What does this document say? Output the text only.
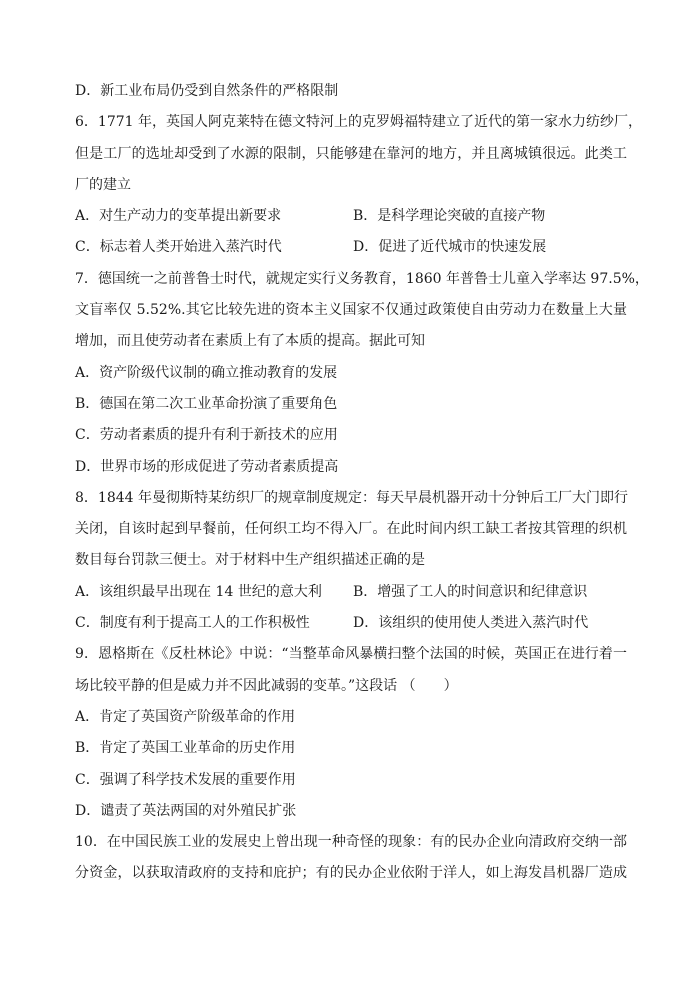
D．新工业布局仍受到自然条件的严格限制
6．1771 年，英国人阿克莱特在德文特河上的克罗姆福特建立了近代的第一家水力纺纱厂，
但是工厂的选址却受到了水源的限制，只能够建在靠河的地方，并且离城镇很远。此类工
厂的建立
A．对生产动力的变革提出新要求	B．是科学理论突破的直接产物
C．标志着人类开始进入蒸汽时代	D．促进了近代城市的快速发展
7．德国统一之前普鲁士时代，就规定实行义务教育，1860 年普鲁士儿童入学率达 97.5%，
文盲率仅 5.52%.其它比较先进的资本主义国家不仅通过政策使自由劳动力在数量上大量
增加，而且使劳动者在素质上有了本质的提高。据此可知
A．资产阶级代议制的确立推动教育的发展
B．德国在第二次工业革命扮演了重要角色
C．劳动者素质的提升有利于新技术的应用
D．世界市场的形成促进了劳动者素质提高
8．1844 年曼彻斯特某纺织厂的规章制度规定：每天早晨机器开动十分钟后工厂大门即行
关闭，自该时起到早餐前，任何织工均不得入厂。在此时间内织工缺工者按其管理的织机
数目每台罚款三便士。对于材料中生产组织描述正确的是
A．该组织最早出现在 14 世纪的意大利	B．增强了工人的时间意识和纪律意识
C．制度有利于提高工人的工作积极性	D．该组织的使用使人类进入蒸汽时代
9．恩格斯在《反杜林论》中说：“当整革命风暴横扫整个法国的时候，英国正在进行着一
场比较平静的但是威力并不因此减弱的变革。”这段话 （　　）
A．肯定了英国资产阶级革命的作用
B．肯定了英国工业革命的历史作用
C．强调了科学技术发展的重要作用
D．谴责了英法两国的对外殖民扩张
10．在中国民族工业的发展史上曾出现一种奇怪的现象：有的民办企业向清政府交纳一部
分资金，以获取清政府的支持和庇护；有的民办企业依附于洋人，如上海发昌机器厂造成
